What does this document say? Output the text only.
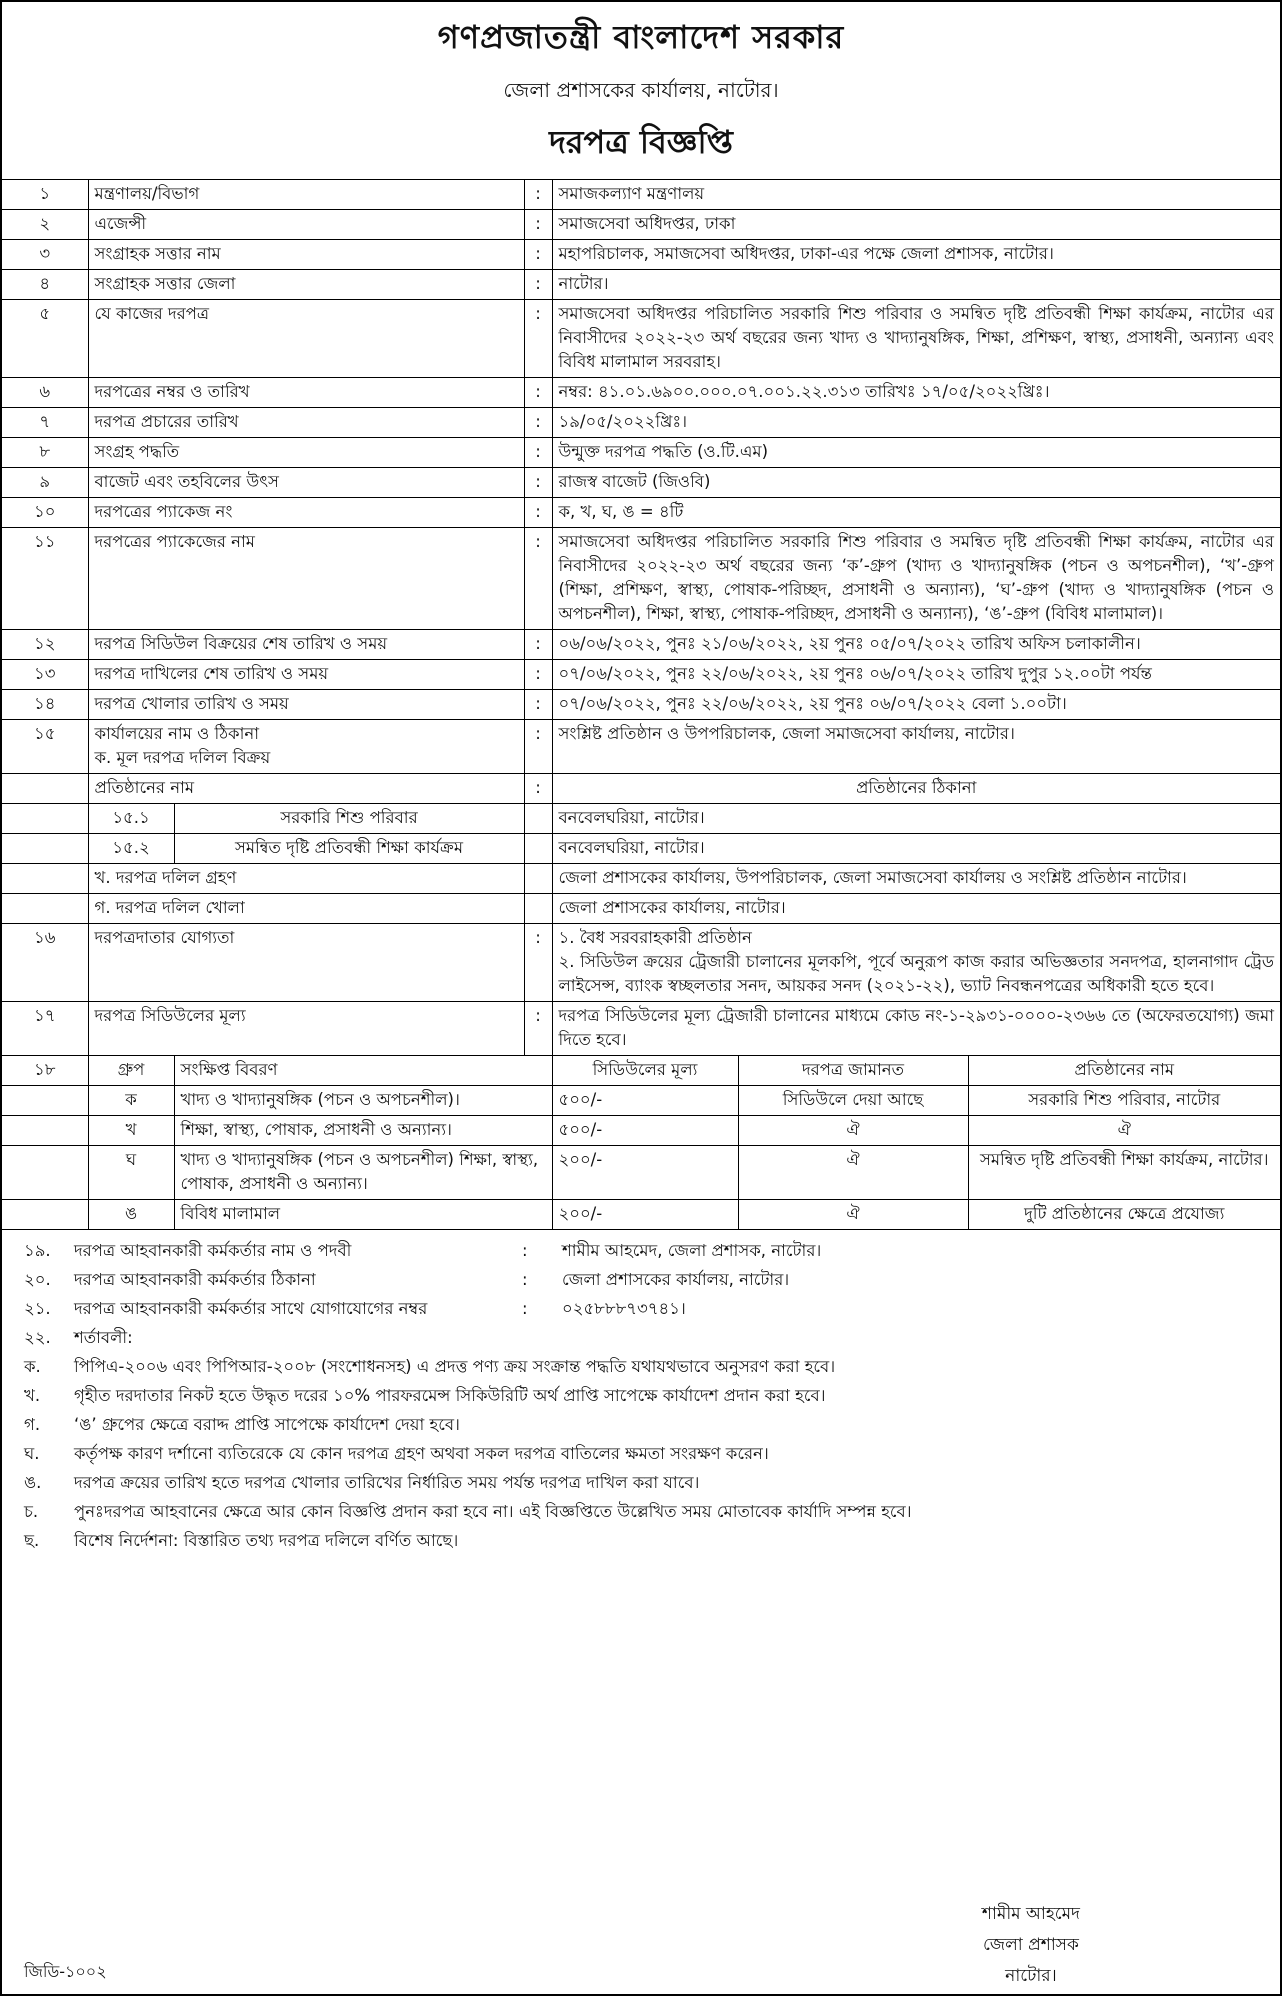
গণপ্রজাতন্ত্রী বাংলাদেশ সরকার
জেলা প্রশাসকের কার্যালয়, নাটোর।
দরপত্র বিজ্ঞপ্তি
১	মন্ত্রণালয়/বিভাগ		:	সমাজকল্যাণ মন্ত্রণালয়		
২	এজেন্সী		:	সমাজসেবা অধিদপ্তর, ঢাকা		
৩	সংগ্রাহক সত্তার নাম		:	মহাপরিচালক, সমাজসেবা অধিদপ্তর, ঢাকা-এর পক্ষে জেলা প্রশাসক, নাটোর।		
৪	সংগ্রাহক সত্তার জেলা		:	নাটোর।		
৫	যে কাজের দরপত্র		:	সমাজসেবা অধিদপ্তর পরিচালিত সরকারি শিশু পরিবার ও সমন্বিত দৃষ্টি প্রতিবন্ধী শিক্ষা কার্যক্রম, নাটোর এর নিবাসীদের ২০২২-২৩ অর্থ বছরের জন্য খাদ্য ও খাদ্যানুষঙ্গিক, শিক্ষা, প্রশিক্ষণ, স্বাস্থ্য, প্রসাধনী, অন্যান্য এবং বিবিধ মালামাল সরবরাহ।		
৬	দরপত্রের নম্বর ও তারিখ		:	নম্বর: ৪১.০১.৬৯০০.০০০.০৭.০০১.২২.৩১৩ তারিখঃ ১৭/০৫/২০২২খ্রিঃ।		
৭	দরপত্র প্রচারের তারিখ		:	১৯/০৫/২০২২খ্রিঃ।		
৮	সংগ্রহ পদ্ধতি		:	উন্মুক্ত দরপত্র পদ্ধতি (ও.টি.এম)		
৯	বাজেট এবং তহবিলের উৎস		:	রাজস্ব বাজেট (জিওবি)		
১০	দরপত্রের প্যাকেজ নং		:	ক, খ, ঘ, ঙ = ৪টি		
১১	দরপত্রের প্যাকেজের নাম		:	সমাজসেবা অধিদপ্তর পরিচালিত সরকারি শিশু পরিবার ও সমন্বিত দৃষ্টি প্রতিবন্ধী শিক্ষা কার্যক্রম, নাটোর এর নিবাসীদের ২০২২-২৩ অর্থ বছরের জন্য ‘ক’-গ্রুপ (খাদ্য ও খাদ্যানুষঙ্গিক (পচন ও অপচনশীল), ‘খ’-গ্রুপ (শিক্ষা, প্রশিক্ষণ, স্বাস্থ্য, পোষাক-পরিচ্ছদ, প্রসাধনী ও অন্যান্য), ‘ঘ’-গ্রুপ (খাদ্য ও খাদ্যানুষঙ্গিক (পচন ও অপচনশীল), শিক্ষা, স্বাস্থ্য, পোষাক-পরিচ্ছদ, প্রসাধনী ও অন্যান্য), ‘ঙ’-গ্রুপ (বিবিধ মালামাল)।		
১২	দরপত্র সিডিউল বিক্রয়ের শেষ তারিখ ও সময়		:	০৬/০৬/২০২২, পুনঃ ২১/০৬/২০২২, ২য় পুনঃ ০৫/০৭/২০২২ তারিখ অফিস চলাকালীন।		
১৩	দরপত্র দাখিলের শেষ তারিখ ও সময়		:	০৭/০৬/২০২২, পুনঃ ২২/০৬/২০২২, ২য় পুনঃ ০৬/০৭/২০২২ তারিখ দুপুর ১২.০০টা পর্যন্ত		
১৪	দরপত্র খোলার তারিখ ও সময়		:	০৭/০৬/২০২২, পুনঃ ২২/০৬/২০২২, ২য় পুনঃ ০৬/০৭/২০২২ বেলা ১.০০টা।		
১৫	কার্যালয়ের নাম ও ঠিকানা
ক. মূল দরপত্র দলিল বিক্রয়		:	সংশ্লিষ্ট প্রতিষ্ঠান ও উপপরিচালক, জেলা সমাজসেবা কার্যালয়, নাটোর।		
	প্রতিষ্ঠানের নাম		:	প্রতিষ্ঠানের ঠিকানা		
	১৫.১	সরকারি শিশু পরিবার		বনবেলঘরিয়া, নাটোর।		
	১৫.২	সমন্বিত দৃষ্টি প্রতিবন্ধী শিক্ষা কার্যক্রম		বনবেলঘরিয়া, নাটোর।		
	খ. দরপত্র দলিল গ্রহণ			জেলা প্রশাসকের কার্যালয়, উপপরিচালক, জেলা সমাজসেবা কার্যালয় ও সংশ্লিষ্ট প্রতিষ্ঠান নাটোর।		
	গ. দরপত্র দলিল খোলা			জেলা প্রশাসকের কার্যালয়, নাটোর।		
১৬	দরপত্রদাতার যোগ্যতা		:	১. বৈধ সরবরাহকারী প্রতিষ্ঠান
২. সিডিউল ক্রয়ের ট্রেজারী চালানের মূলকপি, পূর্বে অনুরূপ কাজ করার অভিজ্ঞতার সনদপত্র, হালনাগাদ ট্রেড লাইসেন্স, ব্যাংক স্বচ্ছলতার সনদ, আয়কর সনদ (২০২১-২২), ভ্যাট নিবন্ধনপত্রের অধিকারী হতে হবে।		

১৭	দরপত্র সিডিউলের মূল্য		:	দরপত্র সিডিউলের মূল্য ট্রেজারী চালানের মাধ্যমে কোড নং-১-২৯৩১-০০০০-২৩৬৬ তে (অফেরতযোগ্য) জমা দিতে হবে।		
১৮	গ্রুপ	সংক্ষিপ্ত বিবরণ		সিডিউলের মূল্য	দরপত্র জামানত	প্রতিষ্ঠানের নাম
	ক	খাদ্য ও খাদ্যানুষঙ্গিক (পচন ও অপচনশীল)।		৫০০/-	সিডিউলে দেয়া আছে	সরকারি শিশু পরিবার, নাটোর
	খ	শিক্ষা, স্বাস্থ্য, পোষাক, প্রসাধনী ও অন্যান্য।		৫০০/-	ঐ	ঐ
	ঘ	খাদ্য ও খাদ্যানুষঙ্গিক (পচন ও অপচনশীল) শিক্ষা, স্বাস্থ্য, পোষাক, প্রসাধনী ও অন্যান্য।		২০০/-	ঐ	সমন্বিত দৃষ্টি প্রতিবন্ধী শিক্ষা কার্যক্রম, নাটোর।
	ঙ	বিবিধ মালামাল		২০০/-	ঐ	দুটি প্রতিষ্ঠানের ক্ষেত্রে প্রযোজ্য
১৯.	দরপত্র আহবানকারী কর্মকর্তার নাম ও পদবী	:	শামীম আহমেদ, জেলা প্রশাসক, নাটোর।
২০.	দরপত্র আহবানকারী কর্মকর্তার ঠিকানা	:	জেলা প্রশাসকের কার্যালয়, নাটোর।
২১.	দরপত্র আহবানকারী কর্মকর্তার সাথে যোগাযোগের নম্বর	:	০২৫৮৮৮৭৩৭৪১।
২২.	শর্তাবলী:
ক.	পিপিএ-২০০৬ এবং পিপিআর-২০০৮ (সংশোধনসহ) এ প্রদত্ত পণ্য ক্রয় সংক্রান্ত পদ্ধতি যথাযথভাবে অনুসরণ করা হবে।
খ.	গৃহীত দরদাতার নিকট হতে উদ্ধৃত দরের ১০% পারফরমেন্স সিকিউরিটি অর্থ প্রাপ্তি সাপেক্ষে কার্যাদেশ প্রদান করা হবে।
গ.	‘ঙ’ গ্রুপের ক্ষেত্রে বরাদ্দ প্রাপ্তি সাপেক্ষে কার্যাদেশ দেয়া হবে।
ঘ.	কর্তৃপক্ষ কারণ দর্শানো ব্যতিরেকে যে কোন দরপত্র গ্রহণ অথবা সকল দরপত্র বাতিলের ক্ষমতা সংরক্ষণ করেন।
ঙ.	দরপত্র ক্রয়ের তারিখ হতে দরপত্র খোলার তারিখের নির্ধারিত সময় পর্যন্ত দরপত্র দাখিল করা যাবে।
চ.	পুনঃদরপত্র আহবানের ক্ষেত্রে আর কোন বিজ্ঞপ্তি প্রদান করা হবে না। এই বিজ্ঞপ্তিতে উল্লেখিত সময় মোতাবেক কার্যাদি সম্পন্ন হবে।
ছ.	বিশেষ নির্দেশনা: বিস্তারিত তথ্য দরপত্র দলিলে বর্ণিত আছে।
শামীম আহমেদ
জেলা প্রশাসক
নাটোর।
জিডি-১০০২
